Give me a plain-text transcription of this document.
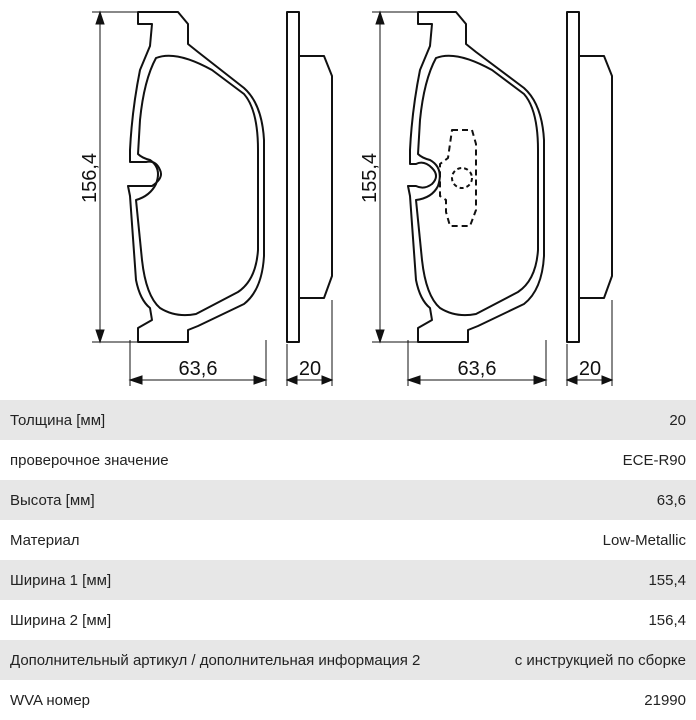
156,4
63,6	20
155,4
63,6	20
Толщина [мм]	20
проверочное значение	ECE-R90
Высота [мм]	63,6
Материал	Low-Metallic
Ширина 1 [мм]	155,4
Ширина 2 [мм]	156,4
Дополнительный артикул / дополнительная информация 2	с инструкцией по сборке
WVA номер	21990
